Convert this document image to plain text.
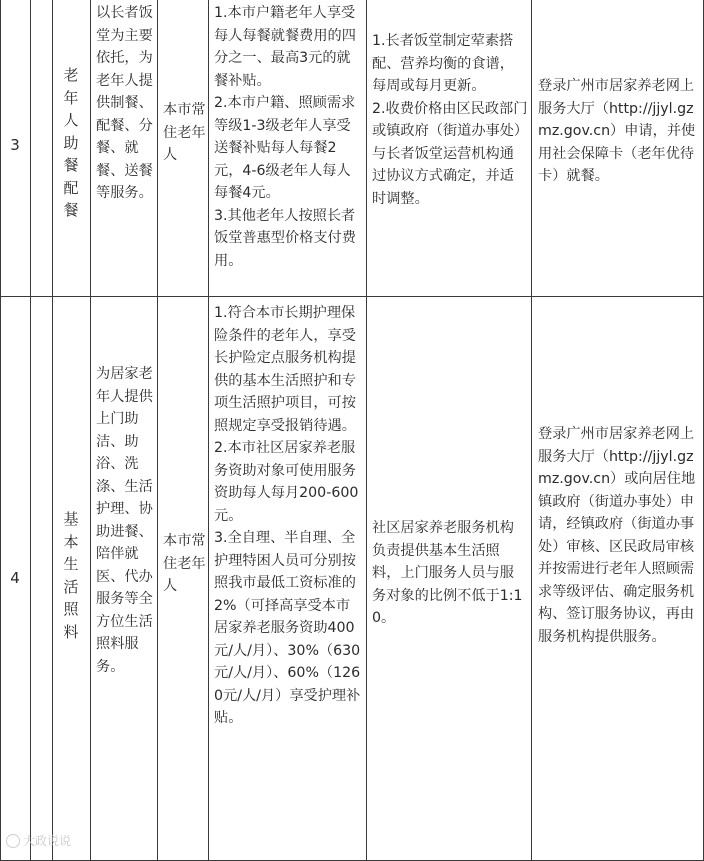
3
老
年
人
助
餐
配
餐
以长者饭堂为主要依托，为老年人提供制餐、配餐、分餐、就餐、送餐等服务。
本市常住老年人
1.本市户籍老年人享受每人每餐就餐费用的四分之一、最高3元的就餐补贴。
2.本市户籍、照顾需求等级1-3级老年人享受送餐补贴每人每餐2元，4-6级老年人每人每餐4元。
3.其他老年人按照长者饭堂普惠型价格支付费用。
1.长者饭堂制定荤素搭配、营养均衡的食谱，每周或每月更新。
2.收费价格由区民政部门或镇政府（街道办事处）与长者饭堂运营机构通过协议方式确定，并适时调整。
登录广州市居家养老网上服务大厅（http://jjyl.gzmz.gov.cn）申请，并使用社会保障卡（老年优待卡）就餐。
4
基
本
生
活
照
料
为居家老年人提供上门助洁、助浴、洗涤、生活护理、协助进餐、陪伴就医、代办服务等全方位生活照料服务。
本市常住老年人
1.符合本市长期护理保险条件的老年人，享受长护险定点服务机构提供的基本生活照护和专项生活照护项目，可按照规定享受报销待遇。
2.本市社区居家养老服务资助对象可使用服务资助每人每月200-600元。
3.全自理、半自理、全护理特困人员可分别按照我市最低工资标准的2%（可择高享受本市居家养老服务资助400元/人/月）、30%（630元/人/月）、60%（1260元/人/月）享受护理补贴。
社区居家养老服务机构负责提供基本生活照料，上门服务人员与服务对象的比例不低于1:10。
登录广州市居家养老网上服务大厅（http://jjyl.gzmz.gov.cn）或向居住地镇政府（街道办事处）申请，经镇政府（街道办事处）审核、区民政局审核并按需进行老年人照顾需求等级评估、确定服务机构、签订服务协议，再由服务机构提供服务。
大政说说
